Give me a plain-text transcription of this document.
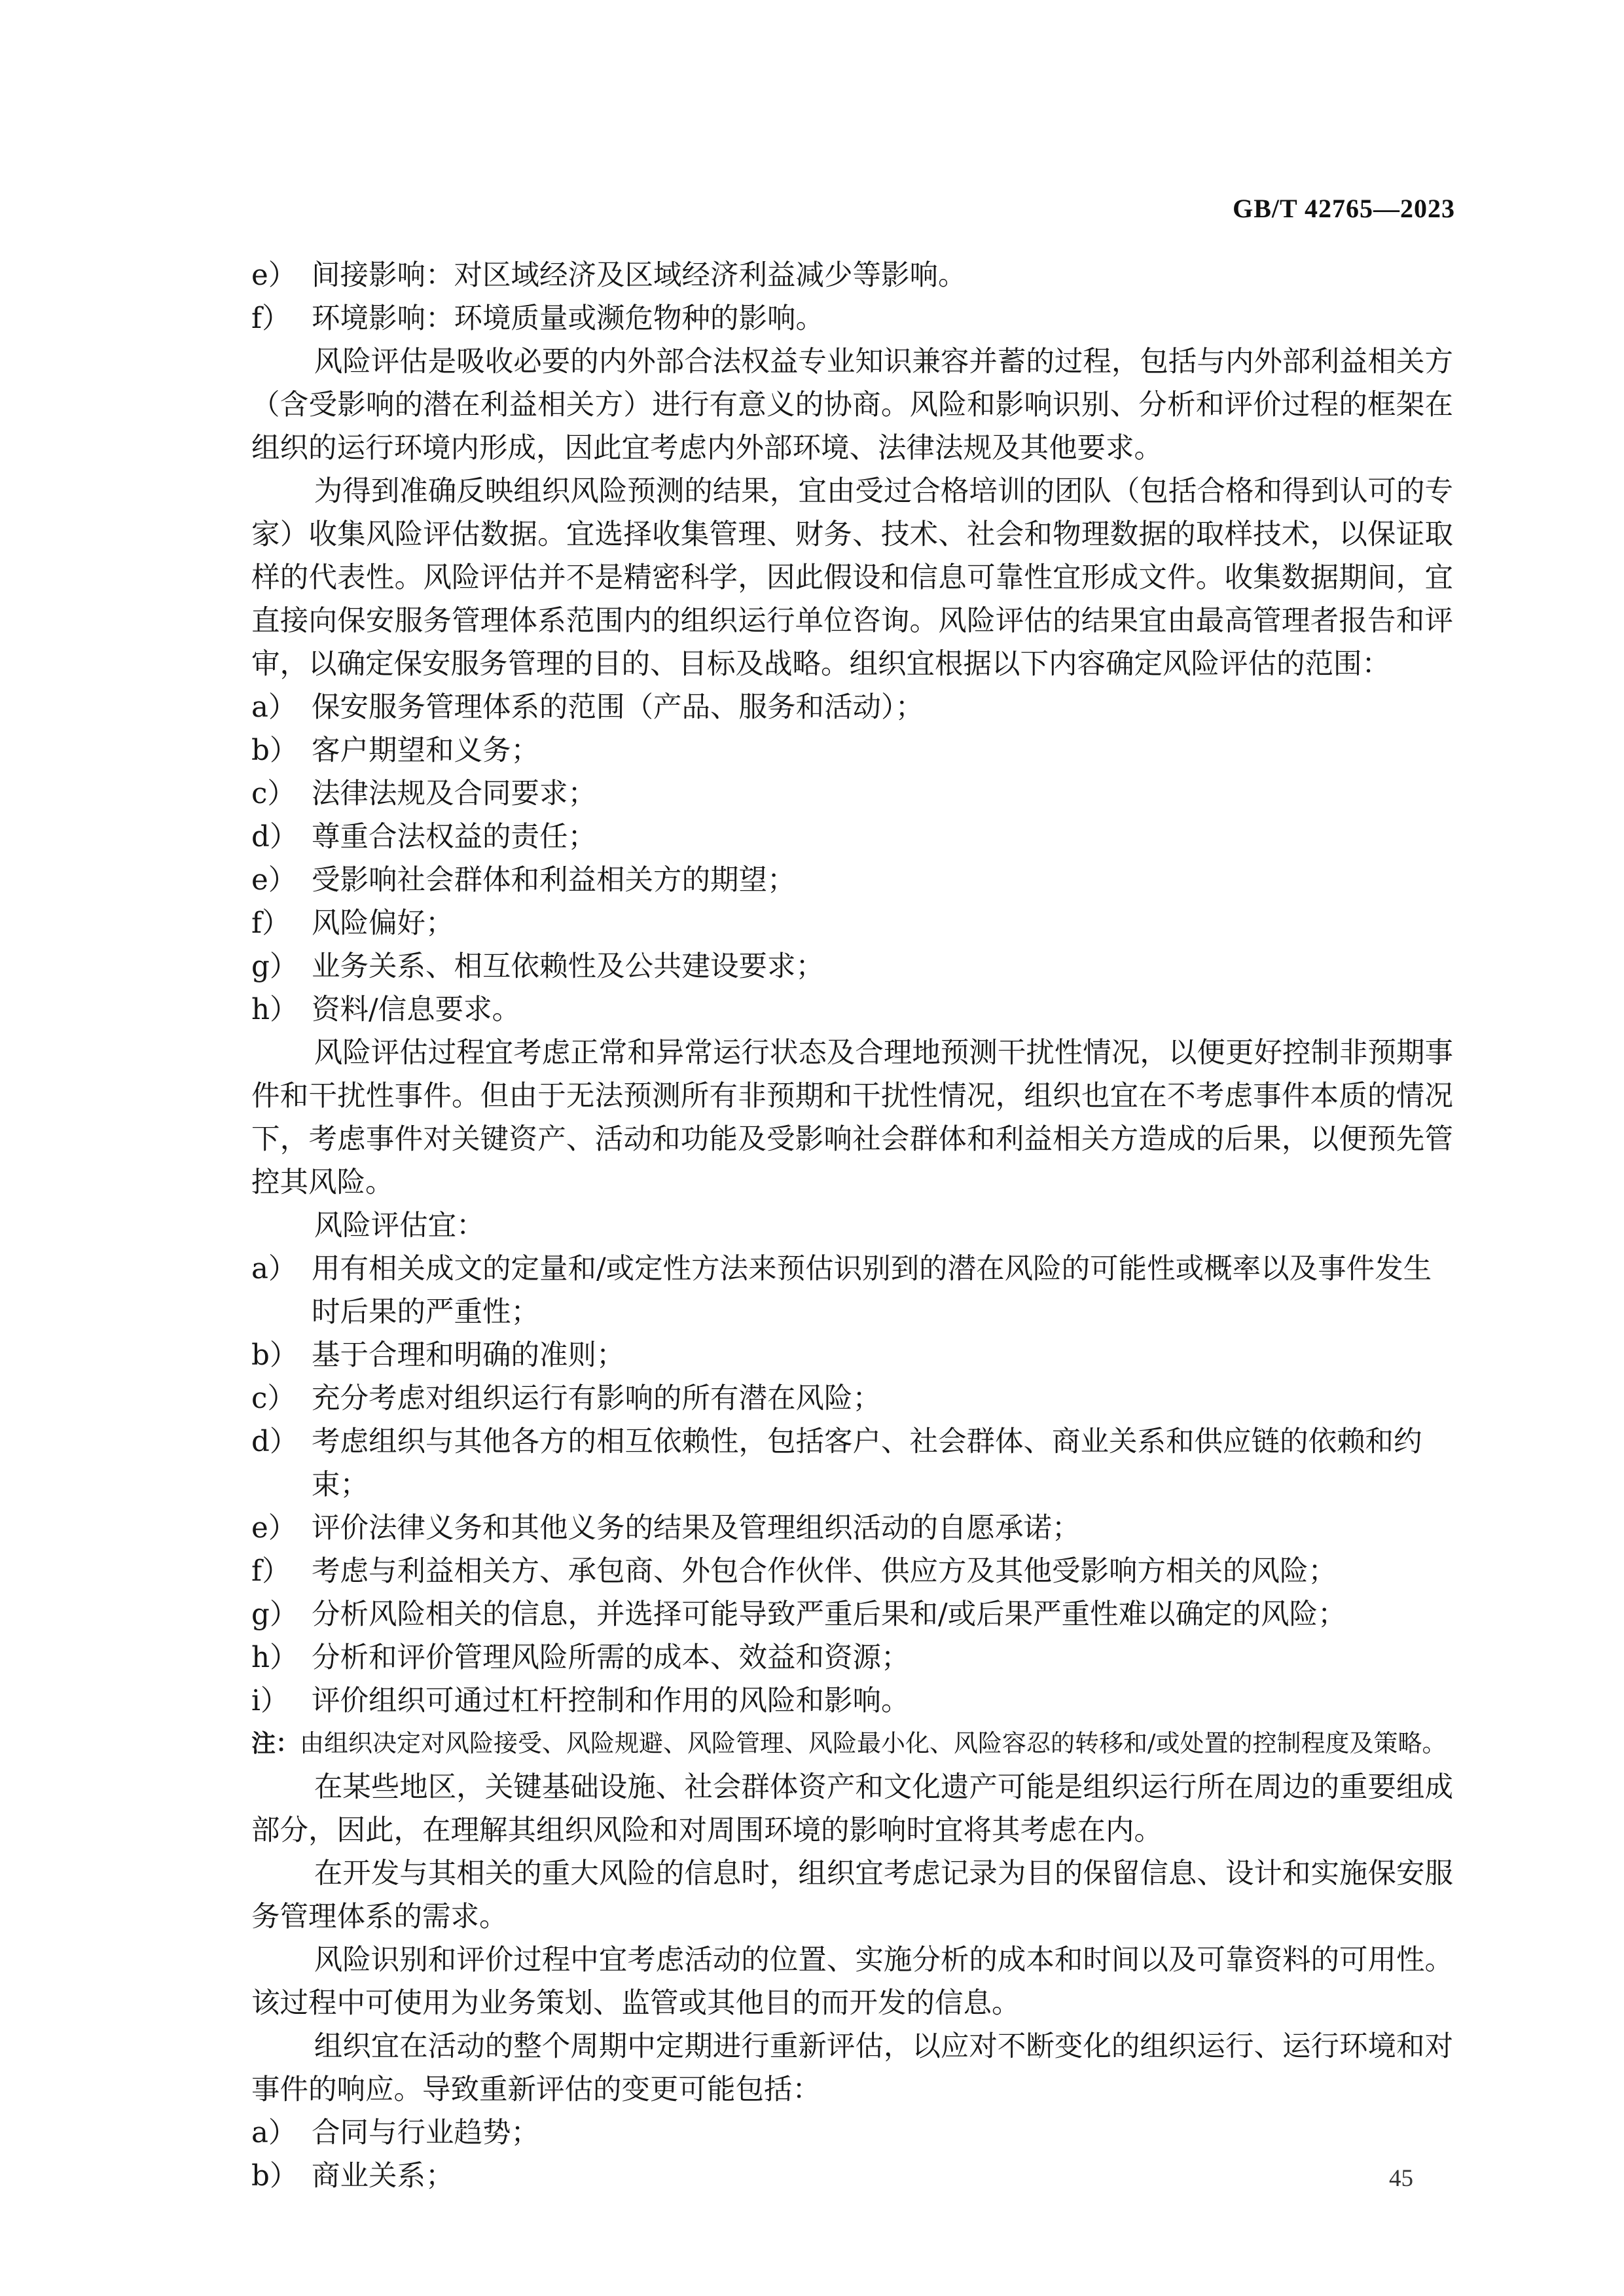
GB/T 42765—2023
e） 间接影响：对区域经济及区域经济利益减少等影响。
f） 环境影响：环境质量或濒危物种的影响。

风险评估是吸收必要的内外部合法权益专业知识兼容并蓄的过程，包括与内外部利益相关方（含受影响的潜在利益相关方）进行有意义的协商。风险和影响识别、分析和评价过程的框架在组织的运行环境内形成，因此宜考虑内外部环境、法律法规及其他要求。

为得到准确反映组织风险预测的结果，宜由受过合格培训的团队（包括合格和得到认可的专家）收集风险评估数据。宜选择收集管理、财务、技术、社会和物理数据的取样技术，以保证取样的代表性。风险评估并不是精密科学，因此假设和信息可靠性宜形成文件。收集数据期间，宜直接向保安服务管理体系范围内的组织运行单位咨询。风险评估的结果宜由最高管理者报告和评审，以确定保安服务管理的目的、目标及战略。组织宜根据以下内容确定风险评估的范围：

a） 保安服务管理体系的范围（产品、服务和活动）；
b） 客户期望和义务；
c） 法律法规及合同要求；
d） 尊重合法权益的责任；
e） 受影响社会群体和利益相关方的期望；
f） 风险偏好；
g） 业务关系、相互依赖性及公共建设要求；
h） 资料/信息要求。

风险评估过程宜考虑正常和异常运行状态及合理地预测干扰性情况，以便更好控制非预期事件和干扰性事件。但由于无法预测所有非预期和干扰性情况，组织也宜在不考虑事件本质的情况下，考虑事件对关键资产、活动和功能及受影响社会群体和利益相关方造成的后果，以便预先管控其风险。

风险评估宜：

a） 用有相关成文的定量和/或定性方法来预估识别到的潜在风险的可能性或概率以及事件发生时后果的严重性；
b） 基于合理和明确的准则；
c） 充分考虑对组织运行有影响的所有潜在风险；
d） 考虑组织与其他各方的相互依赖性，包括客户、社会群体、商业关系和供应链的依赖和约束；
e） 评价法律义务和其他义务的结果及管理组织活动的自愿承诺；
f） 考虑与利益相关方、承包商、外包合作伙伴、供应方及其他受影响方相关的风险；
g） 分析风险相关的信息，并选择可能导致严重后果和/或后果严重性难以确定的风险；
h） 分析和评价管理风险所需的成本、效益和资源；
i） 评价组织可通过杠杆控制和作用的风险和影响。
注：由组织决定对风险接受、风险规避、风险管理、风险最小化、风险容忍的转移和/或处置的控制程度及策略。

在某些地区，关键基础设施、社会群体资产和文化遗产可能是组织运行所在周边的重要组成部分，因此，在理解其组织风险和对周围环境的影响时宜将其考虑在内。

在开发与其相关的重大风险的信息时，组织宜考虑记录为目的保留信息、设计和实施保安服务管理体系的需求。

风险识别和评价过程中宜考虑活动的位置、实施分析的成本和时间以及可靠资料的可用性。该过程中可使用为业务策划、监管或其他目的而开发的信息。

组织宜在活动的整个周期中定期进行重新评估，以应对不断变化的组织运行、运行环境和对事件的响应。导致重新评估的变更可能包括：

a） 合同与行业趋势；
b） 商业关系；	45
